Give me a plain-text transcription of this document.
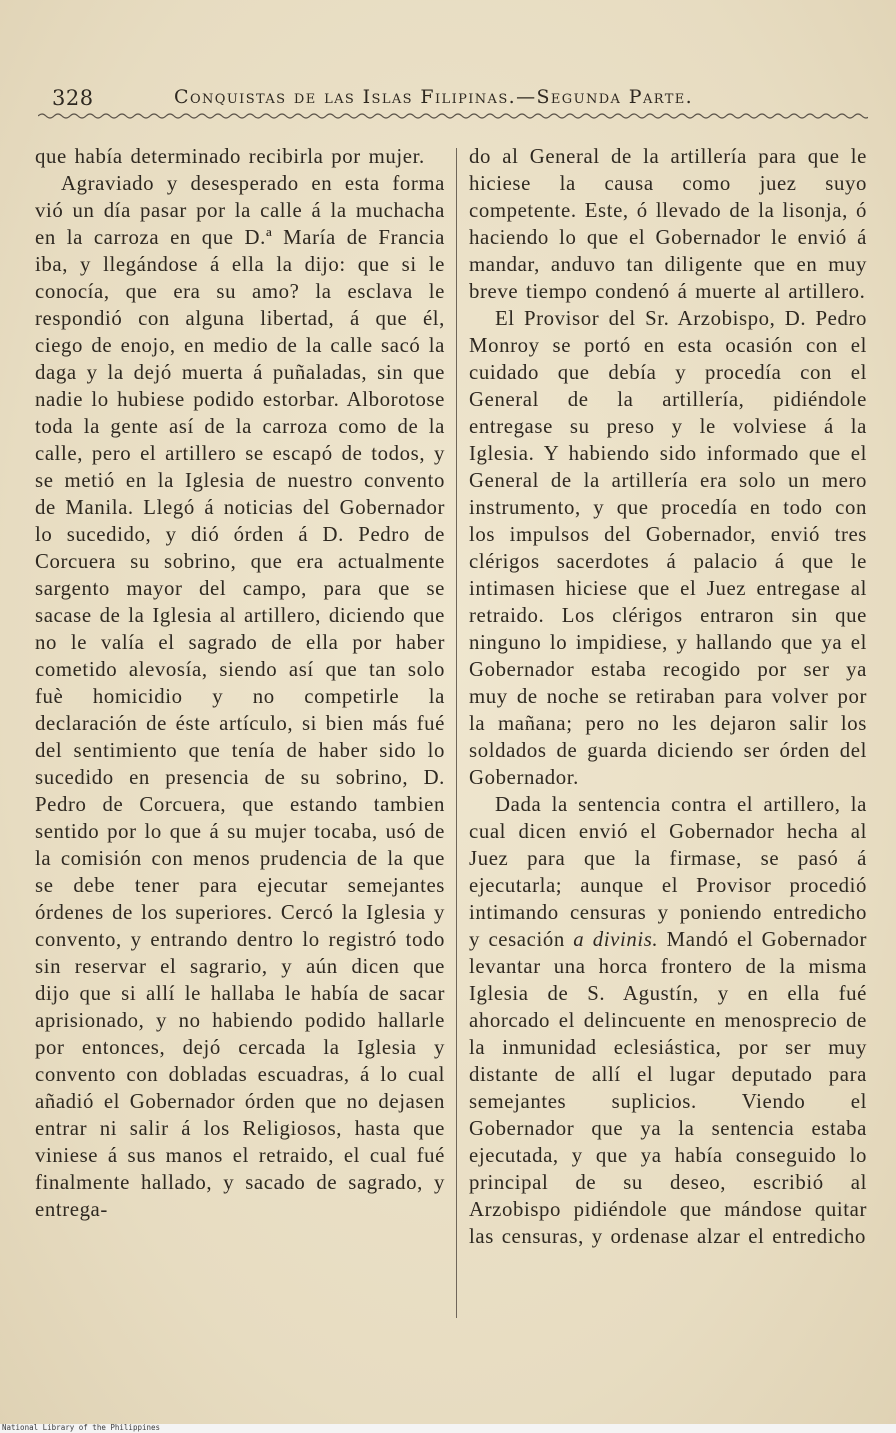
328	Conquistas de las Islas Filipinas.—Segunda Parte.

que había determinado recibirla por mujer.

Agraviado y desesperado en esta forma vió un día pasar por la calle á la muchacha en la carroza en que D.ª María de Francia iba, y llegándose á ella la dijo: que si le conocía, que era su amo? la esclava le respondió con alguna libertad, á que él, ciego de enojo, en medio de la calle sacó la daga y la dejó muerta á puñaladas, sin que nadie lo hubiese podido estorbar. Alborotose toda la gente así de la carroza como de la calle, pero el artillero se escapó de todos, y se metió en la Iglesia de nuestro convento de Manila. Llegó á noticias del Gobernador lo sucedido, y dió órden á D. Pedro de Corcuera su sobrino, que era actualmente sargento mayor del campo, para que se sacase de la Iglesia al artillero, diciendo que no le valía el sagrado de ella por haber cometido alevosía, siendo así que tan solo fuè homicidio y no competirle la declaración de éste artículo, si bien más fué del sentimiento que tenía de haber sido lo sucedido en presencia de su sobrino, D. Pedro de Corcuera, que estando tambien sentido por lo que á su mujer tocaba, usó de la comisión con menos prudencia de la que se debe tener para ejecutar semejantes órdenes de los superiores. Cercó la Iglesia y convento, y entrando dentro lo registró todo sin reservar el sagrario, y aún dicen que dijo que si allí le hallaba le había de sacar aprisionado, y no habiendo podido hallarle por entonces, dejó cercada la Iglesia y convento con dobladas escuadras, á lo cual añadió el Gobernador órden que no dejasen entrar ni salir á los Religiosos, hasta que viniese á sus manos el retraido, el cual fué finalmente hallado, y sacado de sagrado, y entrega-

do al General de la artillería para que le hiciese la causa como juez suyo competente. Este, ó llevado de la lisonja, ó haciendo lo que el Gobernador le envió á mandar, anduvo tan diligente que en muy breve tiempo condenó á muerte al artillero.

El Provisor del Sr. Arzobispo, D. Pedro Monroy se portó en esta ocasión con el cuidado que debía y procedía con el General de la artillería, pidiéndole entregase su preso y le volviese á la Iglesia. Y habiendo sido informado que el General de la artillería era solo un mero instrumento, y que procedía en todo con los impulsos del Gobernador, envió tres clérigos sacerdotes á palacio á que le intimasen hiciese que el Juez entregase al retraido. Los clérigos entraron sin que ninguno lo impidiese, y hallando que ya el Gobernador estaba recogido por ser ya muy de noche se retiraban para volver por la mañana; pero no les dejaron salir los soldados de guarda diciendo ser órden del Gobernador.

Dada la sentencia contra el artillero, la cual dicen envió el Gobernador hecha al Juez para que la firmase, se pasó á ejecutarla; aunque el Provisor procedió intimando censuras y poniendo entredicho y cesación a divinis. Mandó el Gobernador levantar una horca frontero de la misma Iglesia de S. Agustín, y en ella fué ahorcado el delincuente en menosprecio de la inmunidad eclesiástica, por ser muy distante de allí el lugar deputado para semejantes suplicios. Viendo el Gobernador que ya la sentencia estaba ejecutada, y que ya había conseguido lo principal de su deseo, escribió al Arzobispo pidiéndole que mándose quitar las censuras, y ordenase alzar el entredicho

National Library of the Philippines
